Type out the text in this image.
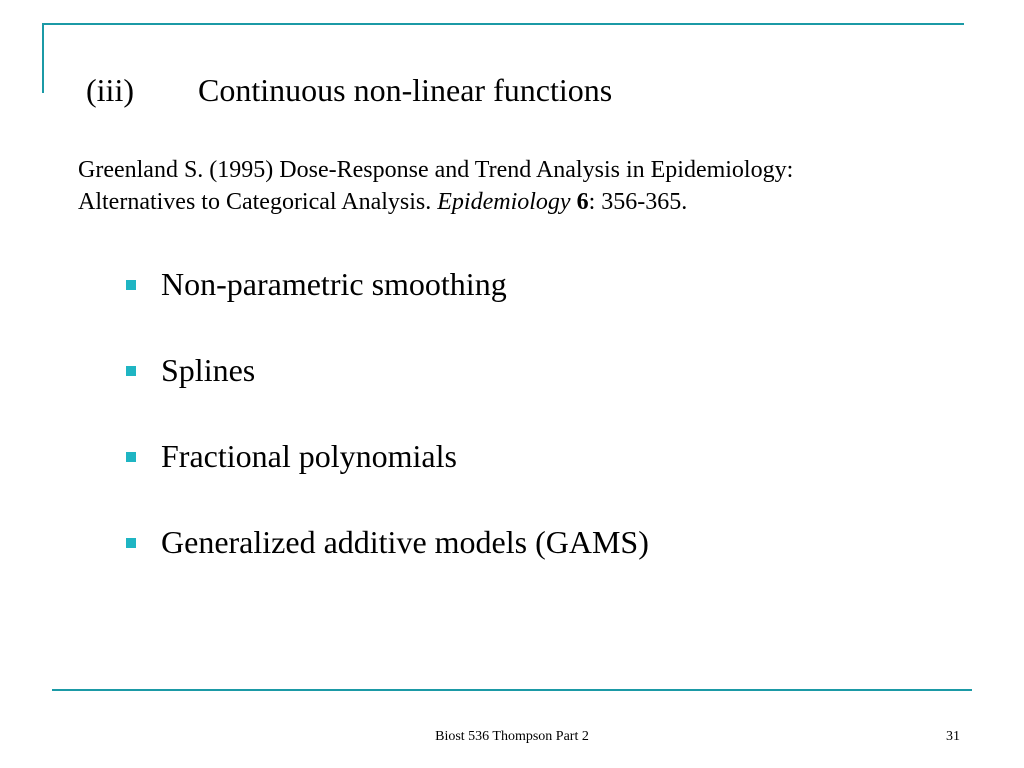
(iii) Continuous non-linear functions
Greenland S. (1995) Dose-Response and Trend Analysis in Epidemiology:
Alternatives to Categorical Analysis. Epidemiology 6: 356-365.
Non-parametric smoothing
Splines
Fractional polynomials
Generalized additive models (GAMS)
Biost 536 Thompson Part 2	31
